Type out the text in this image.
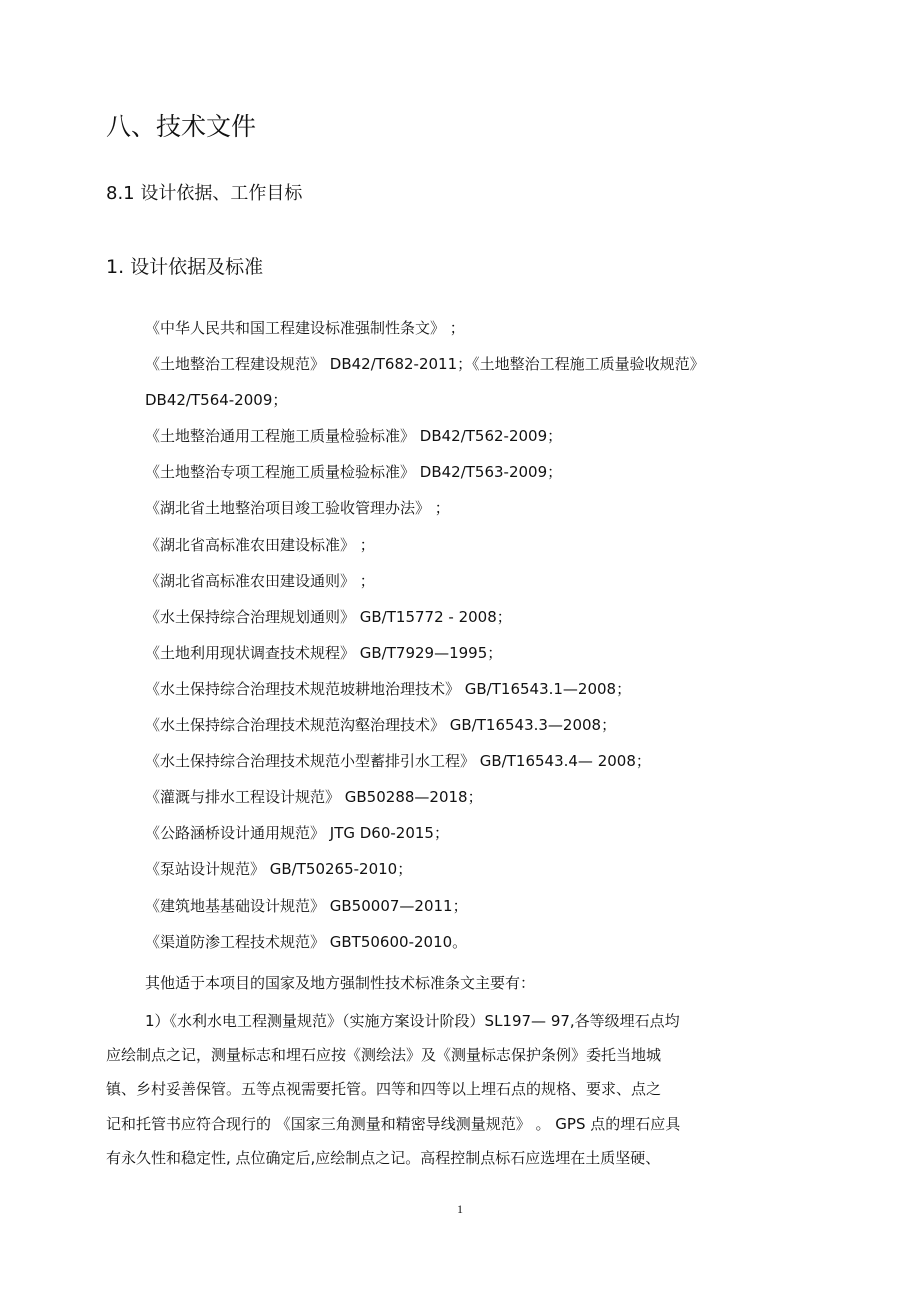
八、技术文件
8.1 设计依据、工作目标
1. 设计依据及标准
《中华人民共和国工程建设标准强制性条文》 ；
《土地整治工程建设规范》 DB42/T682-2011；《土地整治工程施工质量验收规范》
DB42/T564-2009；
《土地整治通用工程施工质量检验标准》 DB42/T562-2009；
《土地整治专项工程施工质量检验标准》 DB42/T563-2009；
《湖北省土地整治项目竣工验收管理办法》 ；
《湖北省高标准农田建设标准》 ；
《湖北省高标准农田建设通则》 ；
《水土保持综合治理规划通则》 GB/T15772 - 2008；
《土地利用现状调查技术规程》 GB/T7929—1995；
《水土保持综合治理技术规范坡耕地治理技术》 GB/T16543.1—2008；
《水土保持综合治理技术规范沟壑治理技术》 GB/T16543.3—2008；
《水土保持综合治理技术规范小型蓄排引水工程》 GB/T16543.4— 2008；
《灌溉与排水工程设计规范》 GB50288—2018；
《公路涵桥设计通用规范》 JTG D60-2015；
《泵站设计规范》 GB/T50265-2010；
《建筑地基基础设计规范》 GB50007—2011；
《渠道防渗工程技术规范》 GBT50600-2010。
其他适于本项目的国家及地方强制性技术标准条文主要有：
1）《水利水电工程测量规范》（实施方案设计阶段）SL197— 97,各等级埋石点均
应绘制点之记，测量标志和埋石应按《测绘法》及《测量标志保护条例》委托当地城
镇、乡村妥善保管。五等点视需要托管。四等和四等以上埋石点的规格、要求、点之
记和托管书应符合现行的 《国家三角测量和精密导线测量规范》 。 GPS 点的埋石应具
有永久性和稳定性, 点位确定后,应绘制点之记。高程控制点标石应选埋在土质坚硬、
1
